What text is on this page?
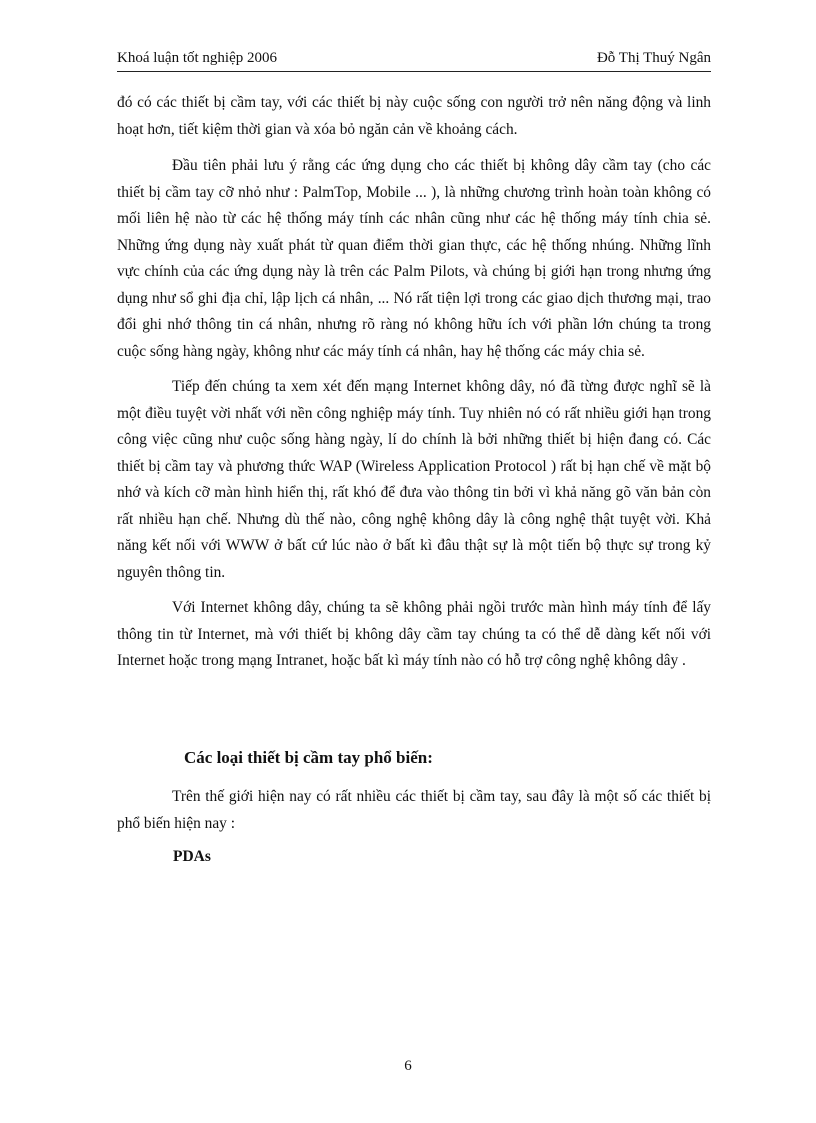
Khoá luận tốt nghiệp 2006	Đỗ Thị Thuý Ngân

đó có các thiết bị cầm tay, với các thiết bị này cuộc sống con người trở nên năng động và linh hoạt hơn, tiết kiệm thời gian và xóa bỏ ngăn cản về khoảng cách.

Đầu tiên phải lưu ý rằng các ứng dụng cho các thiết bị không dây cầm tay (cho các thiết bị cầm tay cỡ nhỏ như : PalmTop, Mobile ... ), là những chương trình hoàn toàn không có mối liên hệ nào từ các hệ thống máy tính các nhân cũng như các hệ thống máy tính chia sẻ. Những ứng dụng này xuất phát từ quan điểm thời gian thực, các hệ thống nhúng. Những lĩnh vực chính của các ứng dụng này là trên các Palm Pilots, và chúng bị giới hạn trong nhưng ứng dụng như sổ ghi địa chỉ, lập lịch cá nhân, ... Nó rất tiện lợi trong các giao dịch thương mại, trao đổi ghi nhớ thông tin cá nhân, nhưng rõ ràng nó không hữu ích với phần lớn chúng ta trong cuộc sống hàng ngày, không như các máy tính cá nhân, hay hệ thống các máy chia sẻ.

Tiếp đến chúng ta xem xét đến mạng Internet không dây, nó đã từng được nghĩ sẽ là một điều tuyệt vời nhất với nền công nghiệp máy tính. Tuy nhiên nó có rất nhiều giới hạn trong công việc cũng như cuộc sống hàng ngày, lí do chính là bởi những thiết bị hiện đang có. Các thiết bị cầm tay và phương thức WAP (Wireless Application Protocol ) rất bị hạn chế về mặt bộ nhớ và kích cỡ màn hình hiển thị, rất khó để đưa vào thông tin bởi vì khả năng gõ văn bản còn rất nhiều hạn chế. Nhưng dù thế nào, công nghệ không dây là công nghệ thật tuyệt vời. Khả năng kết nối với WWW ở bất cứ lúc nào ở bất kì đâu thật sự là một tiến bộ thực sự trong kỷ nguyên thông tin.

Với Internet không dây, chúng ta sẽ không phải ngồi trước màn hình máy tính để lấy thông tin từ Internet, mà với thiết bị không dây cầm tay chúng ta có thể dễ dàng kết nối với Internet hoặc trong mạng Intranet, hoặc bất kì máy tính nào có hỗ trợ công nghệ không dây .

Các loại thiết bị cầm tay phổ biến:

Trên thế giới hiện nay có rất nhiều các thiết bị cầm tay, sau đây là một số các thiết bị phổ biến hiện nay :

PDAs
6
